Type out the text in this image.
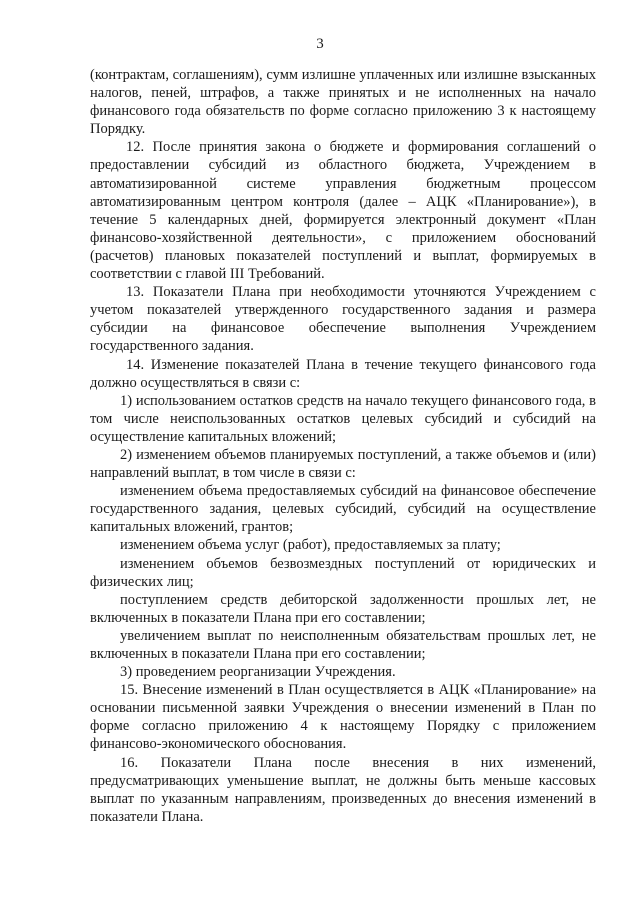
3

(контрактам, соглашениям), сумм излишне уплаченных или излишне взысканных налогов, пеней, штрафов, а также принятых и не исполненных на начало финансового года обязательств по форме согласно приложению 3 к настоящему Порядку.

12. После принятия закона о бюджете и формирования соглашений о предоставлении субсидий из областного бюджета, Учреждением в автоматизированной системе управления бюджетным процессом автоматизированным центром контроля (далее – АЦК «Планирование»), в течение 5 календарных дней, формируется электронный документ «План финансово-хозяйственной деятельности», с приложением обоснований (расчетов) плановых показателей поступлений и выплат, формируемых в соответствии с главой III Требований.

13. Показатели Плана при необходимости уточняются Учреждением с учетом показателей утвержденного государственного задания и размера субсидии на финансовое обеспечение выполнения Учреждением государственного задания.

14. Изменение показателей Плана в течение текущего финансового года должно осуществляться в связи с:

1) использованием остатков средств на начало текущего финансового года, в том числе неиспользованных остатков целевых субсидий и субсидий на осуществление капитальных вложений;

2) изменением объемов планируемых поступлений, а также объемов и (или) направлений выплат, в том числе в связи с:

изменением объема предоставляемых субсидий на финансовое обеспечение государственного задания, целевых субсидий, субсидий на осуществление капитальных вложений, грантов;

изменением объема услуг (работ), предоставляемых за плату;

изменением объемов безвозмездных поступлений от юридических и физических лиц;

поступлением средств дебиторской задолженности прошлых лет, не включенных в показатели Плана при его составлении;

увеличением выплат по неисполненным обязательствам прошлых лет, не включенных в показатели Плана при его составлении;

3) проведением реорганизации Учреждения.

15. Внесение изменений в План осуществляется в АЦК «Планирование» на основании письменной заявки Учреждения о внесении изменений в План по форме согласно приложению 4 к настоящему Порядку с приложением финансово-экономического обоснования.

16. Показатели Плана после внесения в них изменений, предусматривающих уменьшение выплат, не должны быть меньше кассовых выплат по указанным направлениям, произведенных до внесения изменений в показатели Плана.
